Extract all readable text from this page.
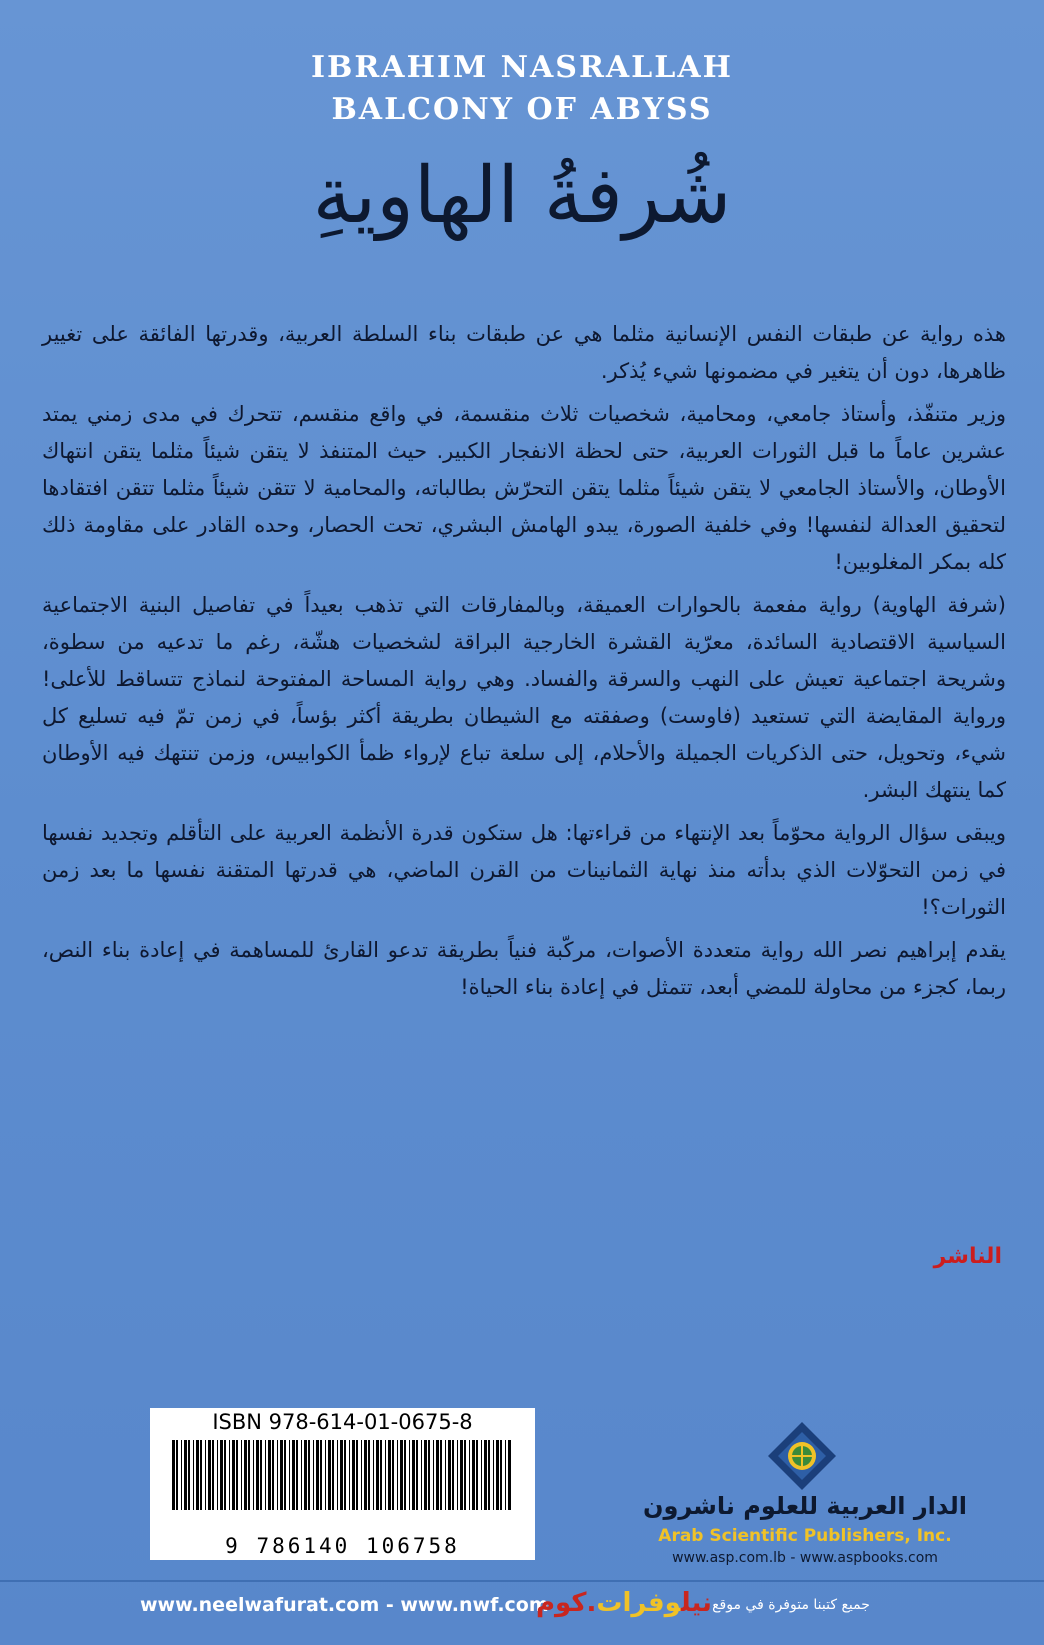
IBRAHIM NASRALLAH
BALCONY OF ABYSS
شُرفةُ الهاويةِ

هذه رواية عن طبقات النفس الإنسانية مثلما هي عن طبقات بناء السلطة العربية، وقدرتها الفائقة على تغيير ظاهرها، دون أن يتغير في مضمونها شيء يُذكر.

وزير متنفّذ، وأستاذ جامعي، ومحامية، شخصيات ثلاث منقسمة، في واقع منقسم، تتحرك في مدى زمني يمتد عشرين عاماً ما قبل الثورات العربية، حتى لحظة الانفجار الكبير. حيث المتنفذ لا يتقن شيئاً مثلما يتقن انتهاك الأوطان، والأستاذ الجامعي لا يتقن شيئاً مثلما يتقن التحرّش بطالباته، والمحامية لا تتقن شيئاً مثلما تتقن افتقادها لتحقيق العدالة لنفسها! وفي خلفية الصورة، يبدو الهامش البشري، تحت الحصار، وحده القادر على مقاومة ذلك كله بمكر المغلوبين!

(شرفة الهاوية) رواية مفعمة بالحوارات العميقة، وبالمفارقات التي تذهب بعيداً في تفاصيل البنية الاجتماعية السياسية الاقتصادية السائدة، معرّية القشرة الخارجية البراقة لشخصيات هشّة، رغم ما تدعيه من سطوة، وشريحة اجتماعية تعيش على النهب والسرقة والفساد. وهي رواية المساحة المفتوحة لنماذج تتساقط للأعلى! ورواية المقايضة التي تستعيد (فاوست) وصفقته مع الشيطان بطريقة أكثر بؤساً، في زمن تمّ فيه تسليع كل شيء، وتحويل، حتى الذكريات الجميلة والأحلام، إلى سلعة تباع لإرواء ظمأ الكوابيس، وزمن تنتهك فيه الأوطان كما ينتهك البشر.

ويبقى سؤال الرواية محوّماً بعد الإنتهاء من قراءتها: هل ستكون قدرة الأنظمة العربية على التأقلم وتجديد نفسها في زمن التحوّلات الذي بدأته منذ نهاية الثمانينات من القرن الماضي، هي قدرتها المتقنة نفسها ما بعد زمن الثورات؟!

يقدم إبراهيم نصر الله رواية متعددة الأصوات، مركّبة فنياً بطريقة تدعو القارئ للمساهمة في إعادة بناء النص، ربما، كجزء من محاولة للمضي أبعد، تتمثل في إعادة بناء الحياة!

الناشر
ISBN 978-614-01-0675-8
9 786140 106758
الدار العربية للعلوم ناشرون
Arab Scientific Publishers, Inc.
www.asp.com.lb - www.aspbooks.com
www.neelwafurat.com - www.nwf.com	نيلوفرات.كوم	جميع كتبنا متوفرة في موقع
